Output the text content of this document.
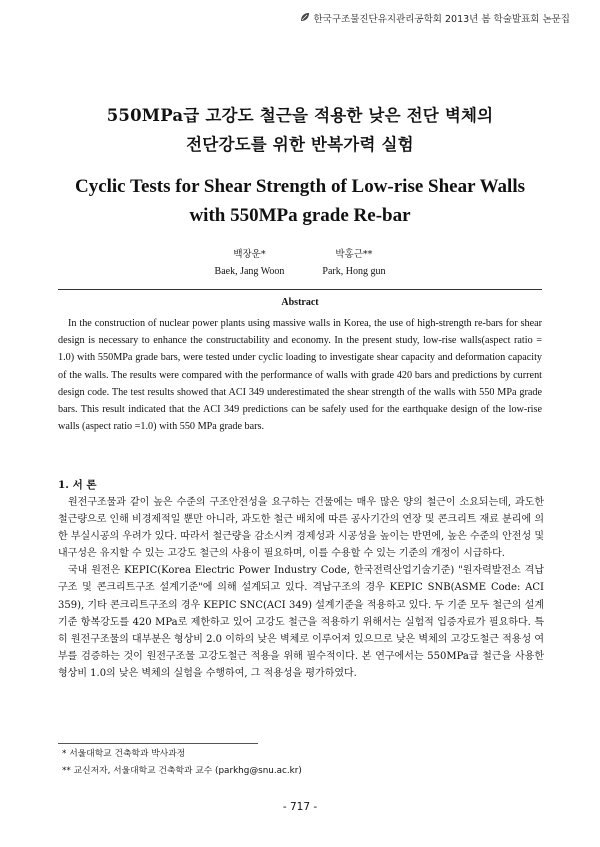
한국구조물진단유지관리공학회 2013년 봄 학술발표회 논문집
550MPa급 고강도 철근을 적용한 낮은 전단 벽체의
전단강도를 위한 반복가력 실험
Cyclic Tests for Shear Strength of Low-rise Shear Walls
with 550MPa grade Re-bar
백장운*
Baek, Jang Woon
박홍근**
Park, Hong gun
Abstract

In the construction of nuclear power plants using massive walls in Korea, the use of high-strength re-bars for shear design is necessary to enhance the constructability and economy. In the present study, low-rise walls(aspect ratio = 1.0) with 550MPa grade bars, were tested under cyclic loading to investigate shear capacity and deformation capacity of the walls. The results were compared with the performance of walls with grade 420 bars and predictions by current design code. The test results showed that ACI 349 underestimated the shear strength of the walls with 550 MPa grade bars. This result indicated that the ACI 349 predictions can be safely used for the earthquake design of the low-rise walls (aspect ratio =1.0) with 550 MPa grade bars.

1. 서 론

원전구조물과 같이 높은 수준의 구조안전성을 요구하는 건물에는 매우 많은 양의 철근이 소요되는데, 과도한 철근량으로 인해 비경제적일 뿐만 아니라, 과도한 철근 배치에 따른 공사기간의 연장 및 콘크리트 재료 분리에 의한 부실시공의 우려가 있다. 따라서 철근량을 감소시켜 경제성과 시공성을 높이는 반면에, 높은 수준의 안전성 및 내구성은 유지할 수 있는 고강도 철근의 사용이 필요하며, 이를 수용할 수 있는 기준의 개정이 시급하다.

국내 원전은 KEPIC(Korea Electric Power Industry Code, 한국전력산업기술기준) "원자력발전소 격납구조 및 콘크리트구조 설계기준"에 의해 설계되고 있다. 격납구조의 경우 KEPIC SNB(ASME Code: ACI 359), 기타 콘크리트구조의 경우 KEPIC SNC(ACI 349) 설계기준을 적용하고 있다. 두 기준 모두 철근의 설계기준 항복강도를 420 MPa로 제한하고 있어 고강도 철근을 적용하기 위해서는 실험적 입증자료가 필요하다. 특히 원전구조물의 대부분은 형상비 2.0 이하의 낮은 벽체로 이루어져 있으므로 낮은 벽체의 고강도철근 적용성 여부를 검증하는 것이 원전구조물 고강도철근 적용을 위해 필수적이다. 본 연구에서는 550MPa급 철근을 사용한 형상비 1.0의 낮은 벽체의 실험을 수행하여, 그 적용성을 평가하였다.

* 서울대학교 건축학과 박사과정
** 교신저자, 서울대학교 건축학과 교수 (parkhg@snu.ac.kr)
- 717 -
